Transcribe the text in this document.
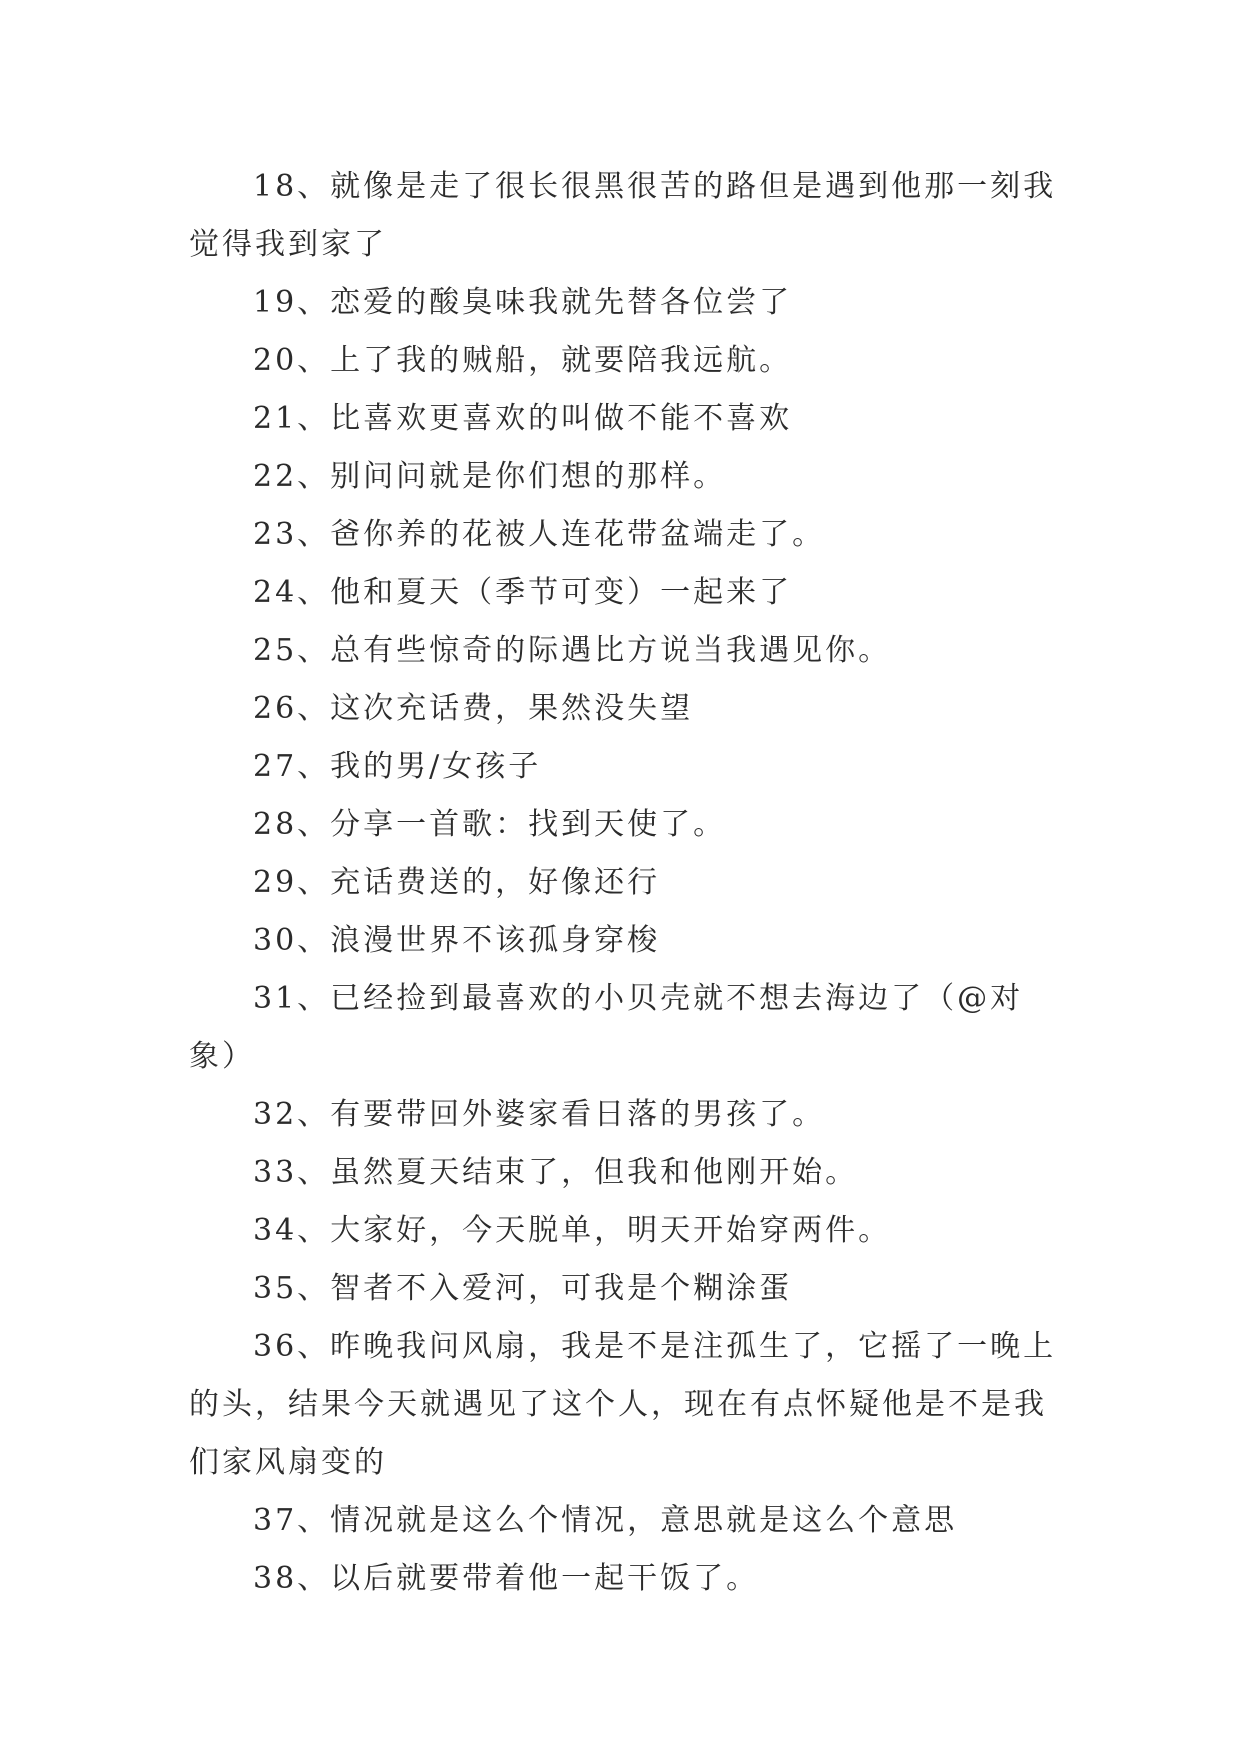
18、就像是走了很长很黑很苦的路但是遇到他那一刻我觉得我到家了

19、恋爱的酸臭味我就先替各位尝了

20、上了我的贼船，就要陪我远航。

21、比喜欢更喜欢的叫做不能不喜欢

22、别问问就是你们想的那样。

23、爸你养的花被人连花带盆端走了。

24、他和夏天（季节可变）一起来了

25、总有些惊奇的际遇比方说当我遇见你。

26、这次充话费，果然没失望

27、我的男/女孩子

28、分享一首歌：找到天使了。

29、充话费送的，好像还行

30、浪漫世界不该孤身穿梭

31、已经捡到最喜欢的小贝壳就不想去海边了（@对象）

32、有要带回外婆家看日落的男孩了。

33、虽然夏天结束了，但我和他刚开始。

34、大家好，今天脱单，明天开始穿两件。

35、智者不入爱河，可我是个糊涂蛋

36、昨晚我问风扇，我是不是注孤生了，它摇了一晚上的头，结果今天就遇见了这个人，现在有点怀疑他是不是我们家风扇变的

37、情况就是这么个情况，意思就是这么个意思

38、以后就要带着他一起干饭了。
